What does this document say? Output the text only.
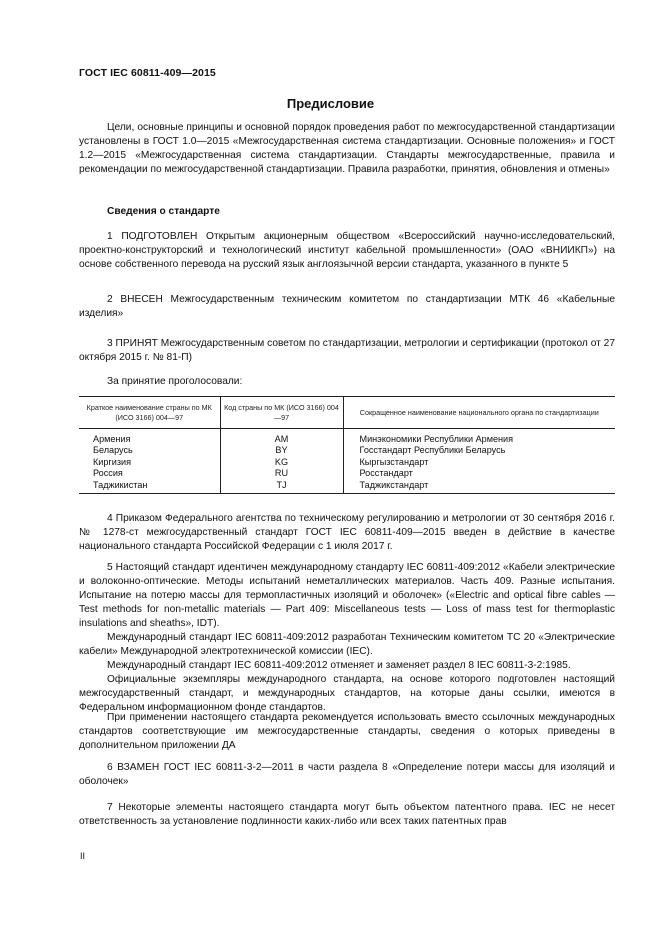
ГОСТ IEC 60811-409—2015
Предисловие

Цели, основные принципы и основной порядок проведения работ по межгосударственной стандартизации установлены в ГОСТ 1.0—2015 «Межгосударственная система стандартизации. Основные положения» и ГОСТ 1.2—2015 «Межгосударственная система стандартизации. Стандарты межгосударственные, правила и рекомендации по межгосударственной стандартизации. Правила разработки, принятия, обновления и отмены»

Сведения о стандарте

1 ПОДГОТОВЛЕН Открытым акционерным обществом «Всероссийский научно-исследовательский, проектно-конструкторский и технологический институт кабельной промышленности» (ОАО «ВНИИКП») на основе собственного перевода на русский язык англоязычной версии стандарта, указанного в пункте 5

2 ВНЕСЕН Межгосударственным техническим комитетом по стандартизации МТК 46 «Кабельные изделия»

3 ПРИНЯТ Межгосударственным советом по стандартизации, метрологии и сертификации (протокол от 27 октября 2015 г. № 81-П)

За принятие проголосовали:

Краткое наименование страны по МК (ИСО 3166) 004—97	Код страны по МК (ИСО 3166) 004—97	Сокращенное наименование национального органа по стандартизации
Армения	AM	Минэкономики Республики Армения
Беларусь	BY	Госстандарт Республики Беларусь
Киргизия	KG	Кыргызстандарт
Россия	RU	Росстандарт
Таджикистан	TJ	Таджикстандарт

4 Приказом Федерального агентства по техническому регулированию и метрологии от 30 сентября 2016 г. № 1278-ст межгосударственный стандарт ГОСТ IEC 60811-409—2015 введен в действие в качестве национального стандарта Российской Федерации с 1 июля 2017 г.

5 Настоящий стандарт идентичен международному стандарту IEC 60811-409:2012 «Кабели электрические и волоконно-оптические. Методы испытаний неметаллических материалов. Часть 409. Разные испытания. Испытание на потерю массы для термопластичных изоляций и оболочек» («Electric and optical fibre cables — Test methods for non-metallic materials — Part 409: Miscellaneous tests — Loss of mass test for thermoplastic insulations and sheaths», IDT).

Международный стандарт IEC 60811-409:2012 разработан Техническим комитетом ТС 20 «Электрические кабели» Международной электротехнической комиссии (IEC).

Международный стандарт IEC 60811-409:2012 отменяет и заменяет раздел 8 IEC 60811-3-2:1985.

Официальные экземпляры международного стандарта, на основе которого подготовлен настоящий межгосударственный стандарт, и международных стандартов, на которые даны ссылки, имеются в Федеральном информационном фонде стандартов.

При применении настоящего стандарта рекомендуется использовать вместо ссылочных международных стандартов соответствующие им межгосударственные стандарты, сведения о которых приведены в дополнительном приложении ДА

6 ВЗАМЕН ГОСТ IEC 60811-3-2—2011 в части раздела 8 «Определение потери массы для изоляций и оболочек»

7 Некоторые элементы настоящего стандарта могут быть объектом патентного права. IEC не несет ответственность за установление подлинности каких-либо или всех таких патентных прав

II
